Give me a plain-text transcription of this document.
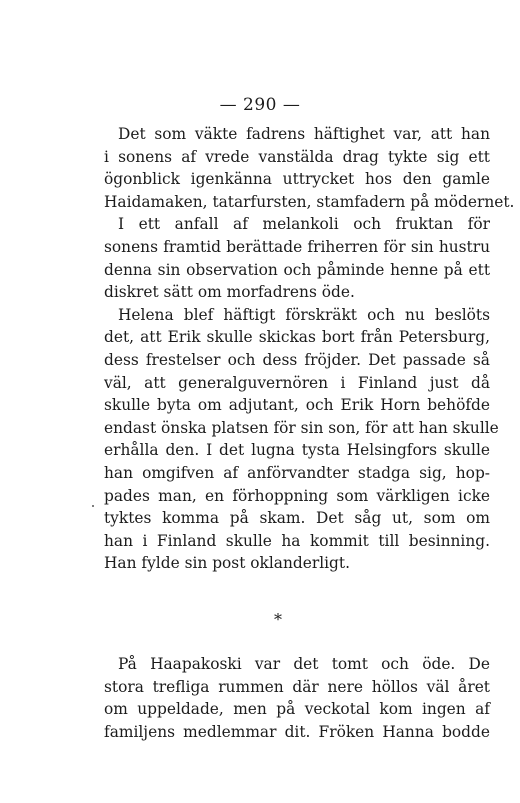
— 290 —
Det som väkte fadrens häftighet var, att han
i sonens af vrede vanstälda drag tykte sig ett
ögonblick igenkänna uttrycket hos den gamle
Haidamaken, tatarfursten, stamfadern på mödernet.
I ett anfall af melankoli och fruktan för
sonens framtid berättade friherren för sin hustru
denna sin observation och påminde henne på ett
diskret sätt om morfadrens öde.
Helena blef häftigt förskräkt och nu beslöts
det, att Erik skulle skickas bort från Petersburg,
dess frestelser och dess fröjder. Det passade så
väl, att generalguvernören i Finland just då
skulle byta om adjutant, och Erik Horn behöfde
endast önska platsen för sin son, för att han skulle
erhålla den. I det lugna tysta Helsingfors skulle
han omgifven af anförvandter stadga sig, hop-
pades man, en förhoppning som värkligen icke
tyktes komma på skam. Det såg ut, som om
han i Finland skulle ha kommit till besinning.
Han fylde sin post oklanderligt.
*
På Haapakoski var det tomt och öde. De
stora trefliga rummen där nere höllos väl året
om uppeldade, men på veckotal kom ingen af
familjens medlemmar dit. Fröken Hanna bodde
